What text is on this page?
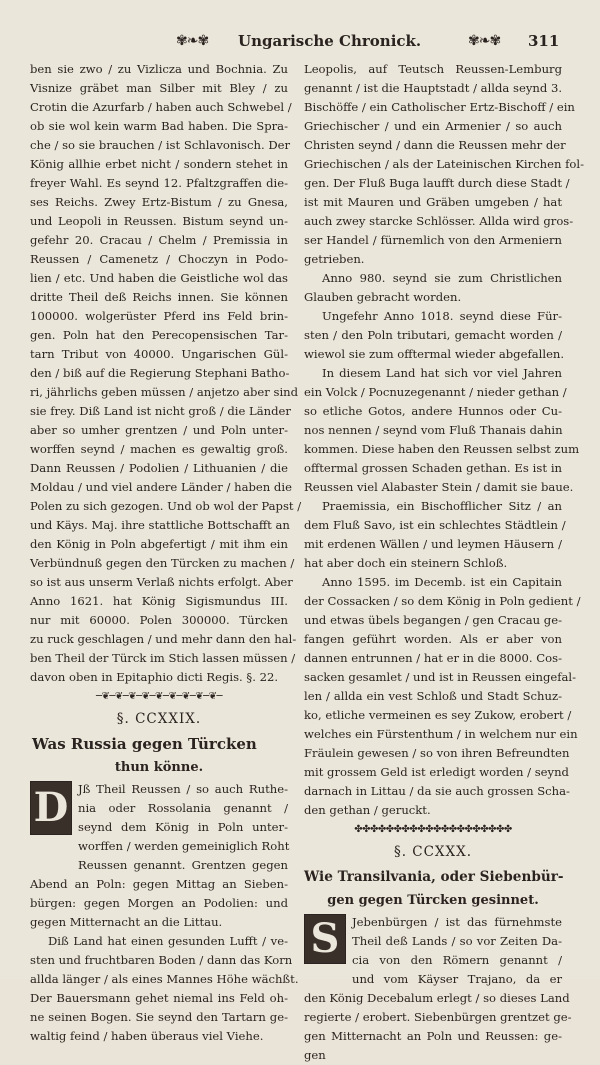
✾❧✾ Ungarische Chronick.	✾❧✾ 311
ben sie zwo / zu Vizlicza und Bochnia. Zu
Visnize gräbet man Silber mit Bley / zu
Crotin die Azurfarb / haben auch Schwebel /
ob sie wol kein warm Bad haben. Die Spra-
che / so sie brauchen / ist Schlavonisch. Der
König allhie erbet nicht / sondern stehet in
freyer Wahl. Es seynd 12. Pfaltzgraffen die-
ses Reichs. Zwey Ertz-Bistum / zu Gnesa,
und Leopoli in Reussen. Bistum seynd un-
gefehr 20. Cracau / Chelm / Premissia in
Reussen / Camenetz / Choczyn in Podo-
lien / etc. Und haben die Geistliche wol das
dritte Theil deß Reichs innen. Sie können
100000. wolgerüster Pferd ins Feld brin-
gen. Poln hat den Perecopensischen Tar-
tarn Tribut von 40000. Ungarischen Gül-
den / biß auf die Regierung Stephani Batho-
ri, jährlichs geben müssen / anjetzo aber sind
sie frey. Diß Land ist nicht groß / die Länder
aber so umher grentzen / und Poln unter-
worffen seynd / machen es gewaltig groß.
Dann Reussen / Podolien / Lithuanien / die
Moldau / und viel andere Länder / haben die
Polen zu sich gezogen. Und ob wol der Papst /
und Käys. Maj. ihre stattliche Bottschafft an
den König in Poln abgefertigt / mit ihm ein
Verbündnuß gegen den Türcken zu machen /
so ist aus unserm Verlaß nichts erfolgt. Aber
Anno 1621. hat König Sigismundus III.
nur mit 60000. Polen 300000. Türcken
zu ruck geschlagen / und mehr dann den hal-
ben Theil der Türck im Stich lassen müssen /
davon oben in Epitaphio dicti Regis. §. 22.
─❦─❦─❦─❦─❦─❦─❦─❦─❦─
§. CCXXIX.
Was Russia gegen Türcken
thun könne.
D Jß Theil Reussen / so auch Ruthe-
nia oder Rossolania genannt /
seynd dem König in Poln unter-
worffen / werden gemeiniglich Roht
Reussen genannt. Grentzen gegen
Abend an Poln: gegen Mittag an Sieben-
bürgen: gegen Morgen an Podolien: und
gegen Mitternacht an die Littau.
Diß Land hat einen gesunden Lufft / ve-
sten und fruchtbaren Boden / dann das Korn
allda länger / als eines Mannes Höhe wächßt.
Der Bauersmann gehet niemal ins Feld oh-
ne seinen Bogen. Sie seynd den Tartarn ge-
waltig feind / haben überaus viel Viehe.
Leopolis, auf Teutsch Reussen-Lemburg
genannt / ist die Hauptstadt / allda seynd 3.
Bischöffe / ein Catholischer Ertz-Bischoff / ein
Griechischer / und ein Armenier / so auch
Christen seynd / dann die Reussen mehr der
Griechischen / als der Lateinischen Kirchen fol-
gen. Der Fluß Buga laufft durch diese Stadt /
ist mit Mauren und Gräben umgeben / hat
auch zwey starcke Schlösser. Allda wird gros-
ser Handel / fürnemlich von den Armeniern
getrieben.
Anno 980. seynd sie zum Christlichen
Glauben gebracht worden.
Ungefehr Anno 1018. seynd diese Für-
sten / den Poln tributari, gemacht worden /
wiewol sie zum offtermal wieder abgefallen.
In diesem Land hat sich vor viel Jahren
ein Volck / Pocnuzegenannt / nieder gethan /
so etliche Gotos, andere Hunnos oder Cu-
nos nennen / seynd vom Fluß Thanais dahin
kommen. Diese haben den Reussen selbst zum
offtermal grossen Schaden gethan. Es ist in
Reussen viel Alabaster Stein / damit sie baue.
Praemissia, ein Bischofflicher Sitz / an
dem Fluß Savo, ist ein schlechtes Städtlein /
mit erdenen Wällen / und leymen Häusern /
hat aber doch ein steinern Schloß.
Anno 1595. im Decemb. ist ein Capitain
der Cossacken / so dem König in Poln gedient /
und etwas übels begangen / gen Cracau ge-
fangen geführt worden. Als er aber von
dannen entrunnen / hat er in die 8000. Cos-
sacken gesamlet / und ist in Reussen eingefal-
len / allda ein vest Schloß und Stadt Schuz-
ko, etliche vermeinen es sey Zukow, erobert /
welches ein Fürstenthum / in welchem nur ein
Fräulein gewesen / so von ihren Befreundten
mit grossem Geld ist erledigt worden / seynd
darnach in Littau / da sie auch grossen Scha-
den gethan / geruckt.
✤✤✤✤✤✤✤✤✤✤✤✤✤✤✤✤✤✤✤✤
§. CCXXX.
Wie Transilvania, oder Siebenbür-
gen gegen Türcken gesinnet.
S	Jebenbürgen / ist das fürnehmste
Theil deß Lands / so vor Zeiten Da-
cia von den Römern genannt /
und vom Käyser Trajano, da er
den König Decebalum erlegt / so dieses Land
regierte / erobert. Siebenbürgen grentzet ge-
gen Mitternacht an Poln und Reussen: ge-
gen
